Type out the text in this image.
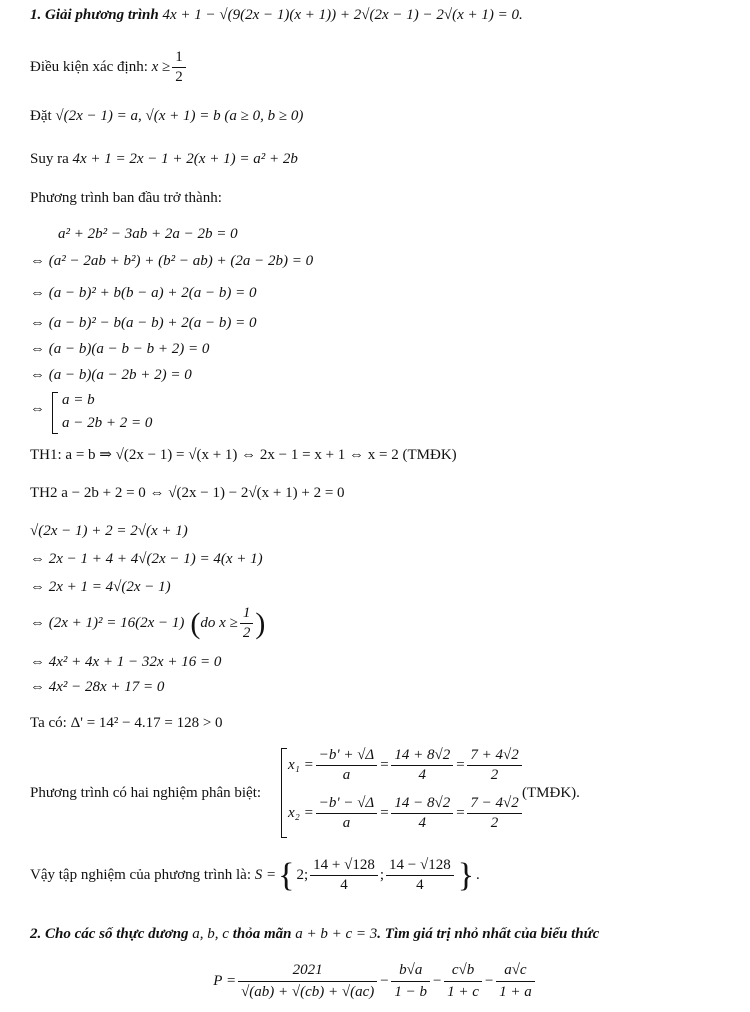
1. Giải phương trình 4x + 1 − √(9(2x − 1)(x + 1)) + 2√(2x − 1) − 2√(x + 1) = 0.
Điều kiện xác định:
$x \ge \frac{1}{2}$
Đặt √(2x − 1) = a, √(x + 1) = b (a ≥ 0, b ≥ 0)
Suy ra 4x + 1 = 2x − 1 + 2(x + 1) = a² + 2b
Phương trình ban đầu trở thành:
a² + 2b² − 3ab + 2a − 2b = 0
⇔ (a² − 2ab + b²) + (b² − ab) + (2a − 2b) = 0
⇔ (a − b)² + b(b − a) + 2(a − b) = 0
⇔ (a − b)² − b(a − b) + 2(a − b) = 0
⇔ (a − b)(a − b − b + 2) = 0
⇔ (a − b)(a − 2b + 2) = 0
⇔
a = b
a − 2b + 2 = 0
TH1: a = b ⇒ √(2x − 1) = √(x + 1) ⇔ 2x − 1 = x + 1 ⇔ x = 2 (TMĐK)
TH2 a − 2b + 2 = 0 ⇔ √(2x − 1) − 2√(x + 1) + 2 = 0
√(2x − 1) + 2 = 2√(x + 1)
⇔ 2x − 1 + 4 + 4√(2x − 1) = 4(x + 1)
⇔ 2x + 1 = 4√(2x − 1)
⇔ (2x + 1)² = 16(2x − 1) ( do $x \ge \frac{1}{2}$ )
⇔ 4x² + 4x + 1 − 32x + 16 = 0
⇔ 4x² − 28x + 17 = 0
Ta có: Δ' = 14² − 4.17 = 128 > 0
Phương trình có hai nghiệm phân biệt:
$x_1 = \frac{-b' + √\Delta}{a} = \frac{14 + 8√2}{4} = \frac{7 + 4√2}{2}$
$x_2 = \frac{-b' - √\Delta}{a} = \frac{14 - 8√2}{4} = \frac{7 - 4√2}{2}$
(TMĐK).
Vậy tập nghiệm của phương trình là:
S = { 2; $\frac{14 + √128}{4}$ ; $\frac{14 - √128}{4}$ } .
2. Cho các số thực dương a, b, c thỏa mãn a + b + c = 3. Tìm giá trị nhỏ nhất của biểu thức
$P = \frac{2021}{√(ab) + √(cb) + √(ac)} - \frac{b√a}{1 - b} - \frac{c√b}{1 + c} - \frac{a√c}{1 + a}$
